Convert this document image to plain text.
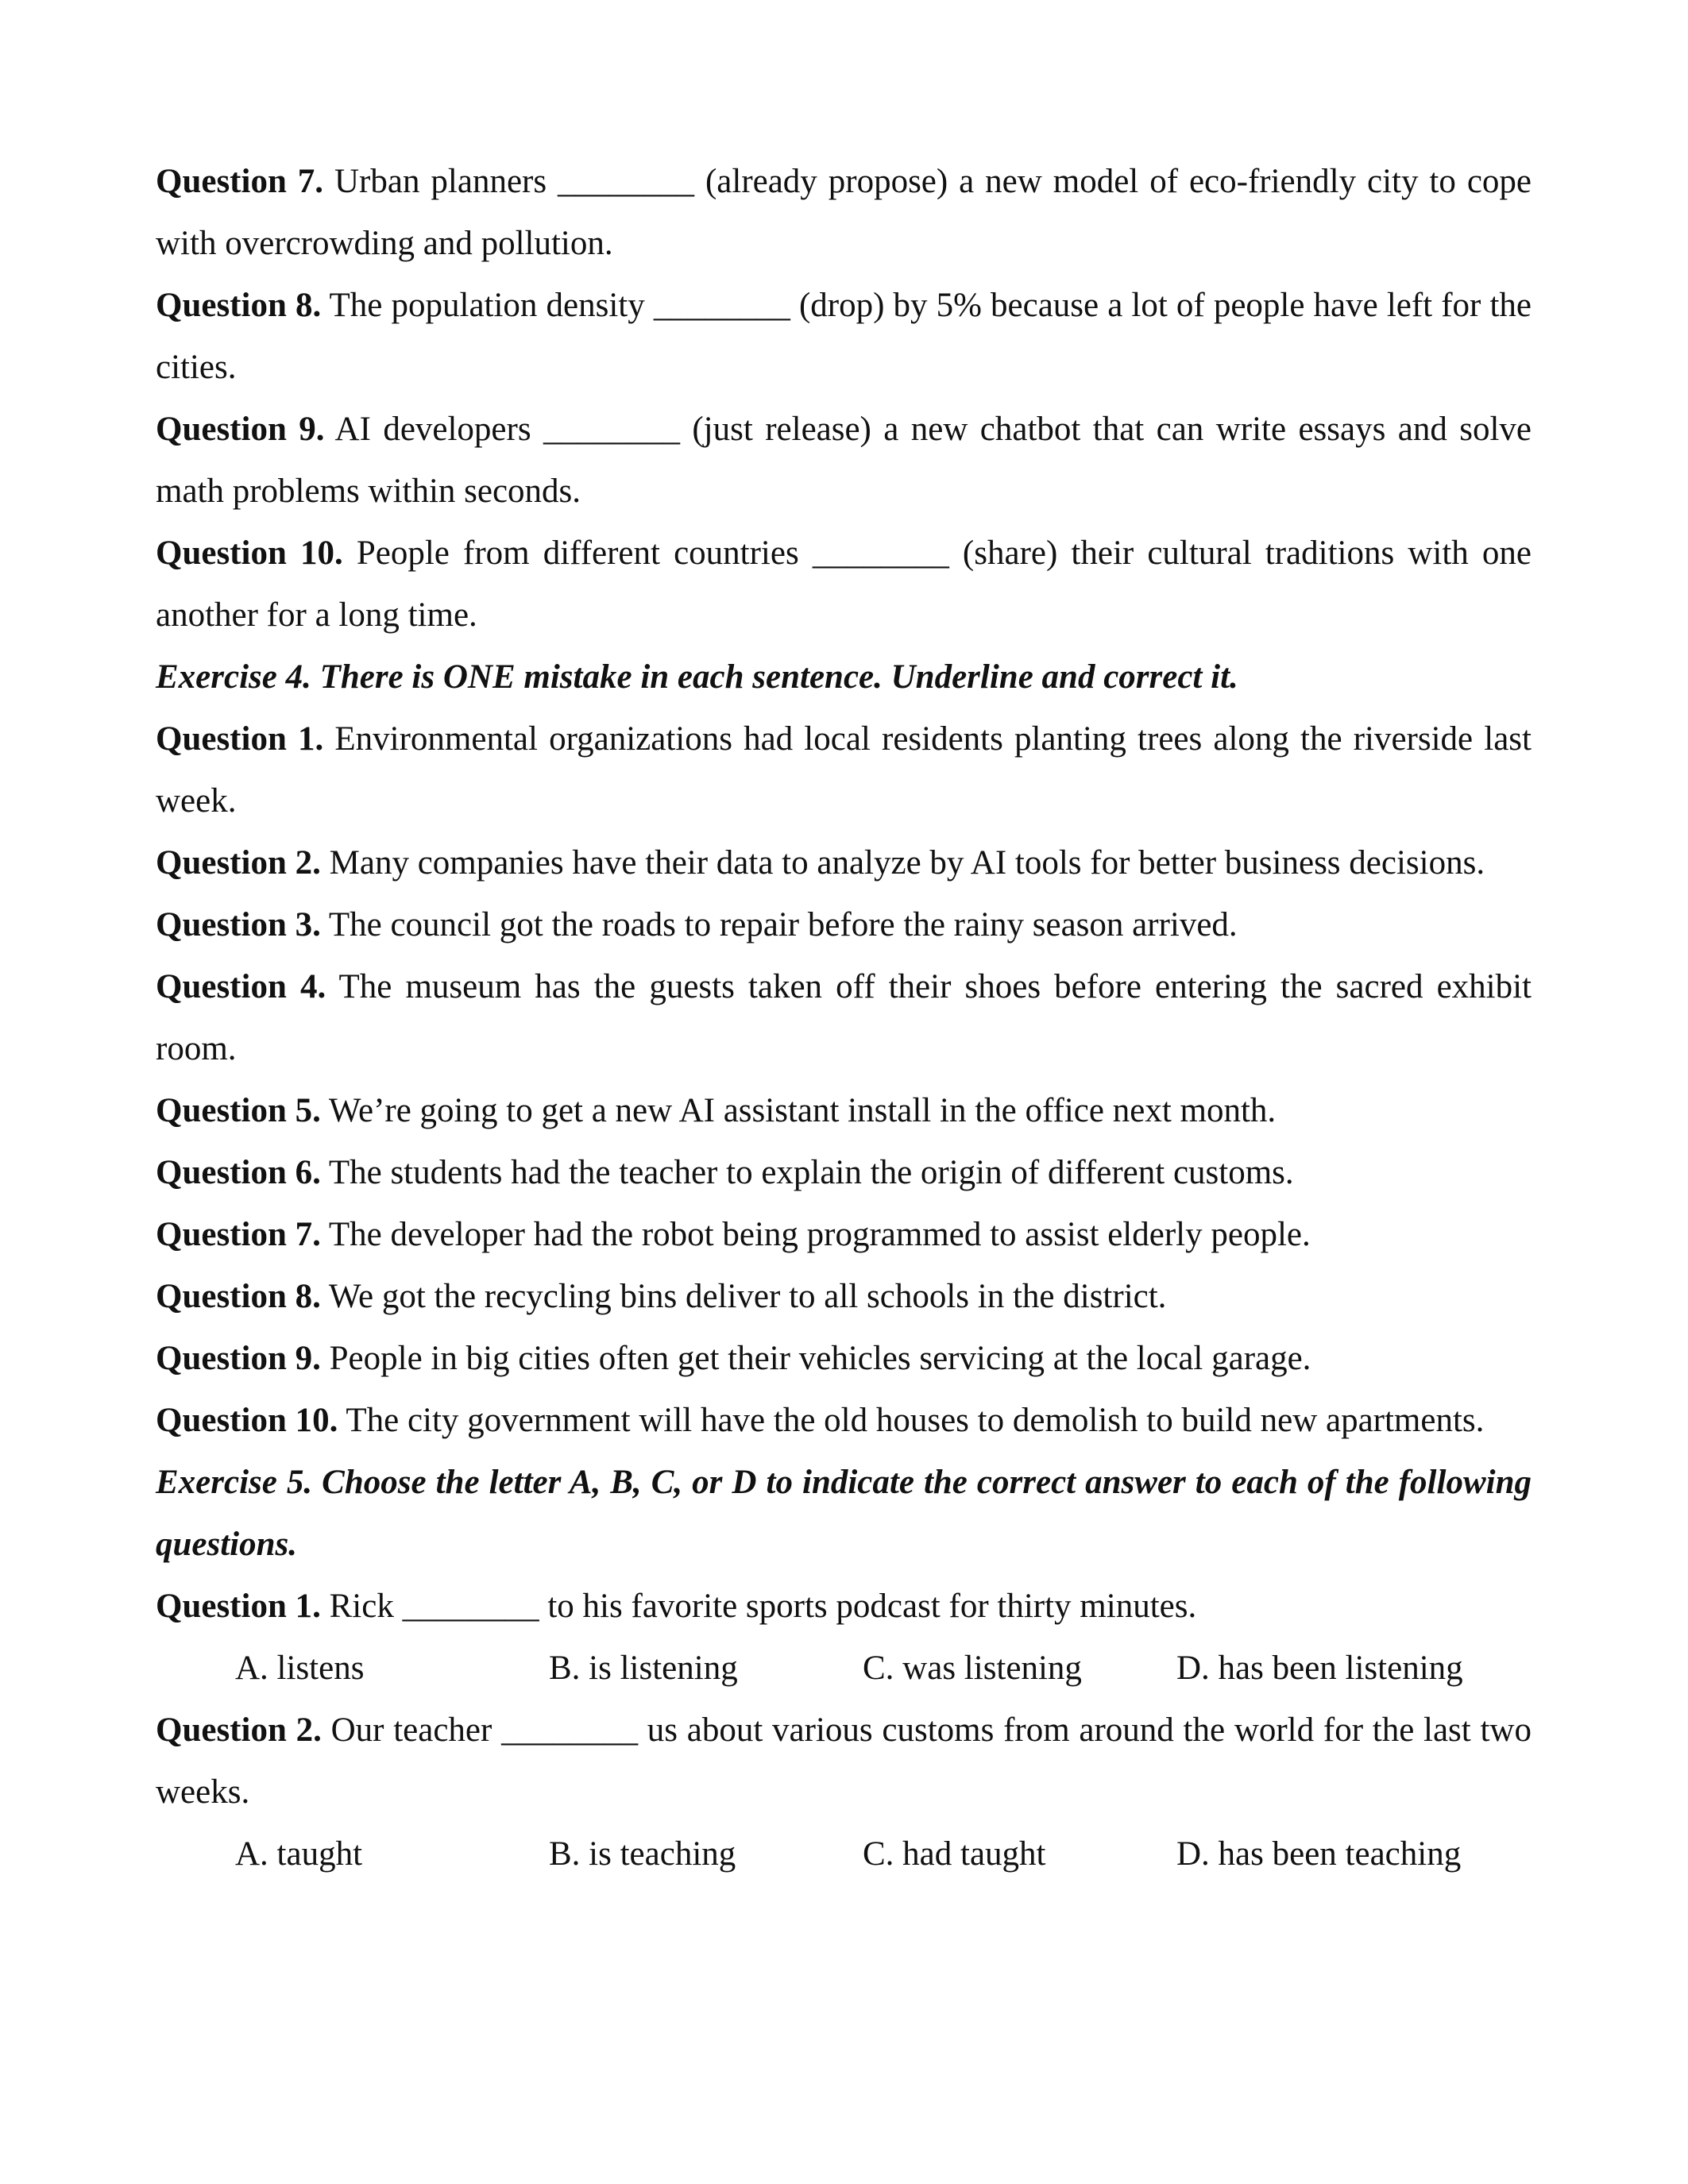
Question 7. Urban planners ________ (already propose) a new model of eco-friendly city to cope with overcrowding and pollution.

Question 8. The population density ________ (drop) by 5% because a lot of people have left for the cities.

Question 9. AI developers ________ (just release) a new chatbot that can write essays and solve math problems within seconds.

Question 10. People from different countries ________ (share) their cultural traditions with one another for a long time.

Exercise 4. There is ONE mistake in each sentence. Underline and correct it.

Question 1. Environmental organizations had local residents planting trees along the riverside last week.

Question 2. Many companies have their data to analyze by AI tools for better business decisions.

Question 3. The council got the roads to repair before the rainy season arrived.

Question 4. The museum has the guests taken off their shoes before entering the sacred exhibit room.

Question 5. We’re going to get a new AI assistant install in the office next month.

Question 6. The students had the teacher to explain the origin of different customs.

Question 7. The developer had the robot being programmed to assist elderly people.

Question 8. We got the recycling bins deliver to all schools in the district.

Question 9. People in big cities often get their vehicles servicing at the local garage.

Question 10. The city government will have the old houses to demolish to build new apartments.

Exercise 5. Choose the letter A, B, C, or D to indicate the correct answer to each of the following questions.

Question 1. Rick ________ to his favorite sports podcast for thirty minutes.

A. listens	B. is listening	C. was listening	D. has been listening

Question 2. Our teacher ________ us about various customs from around the world for the last two weeks.

A. taught	B. is teaching	C. had taught	D. has been teaching
